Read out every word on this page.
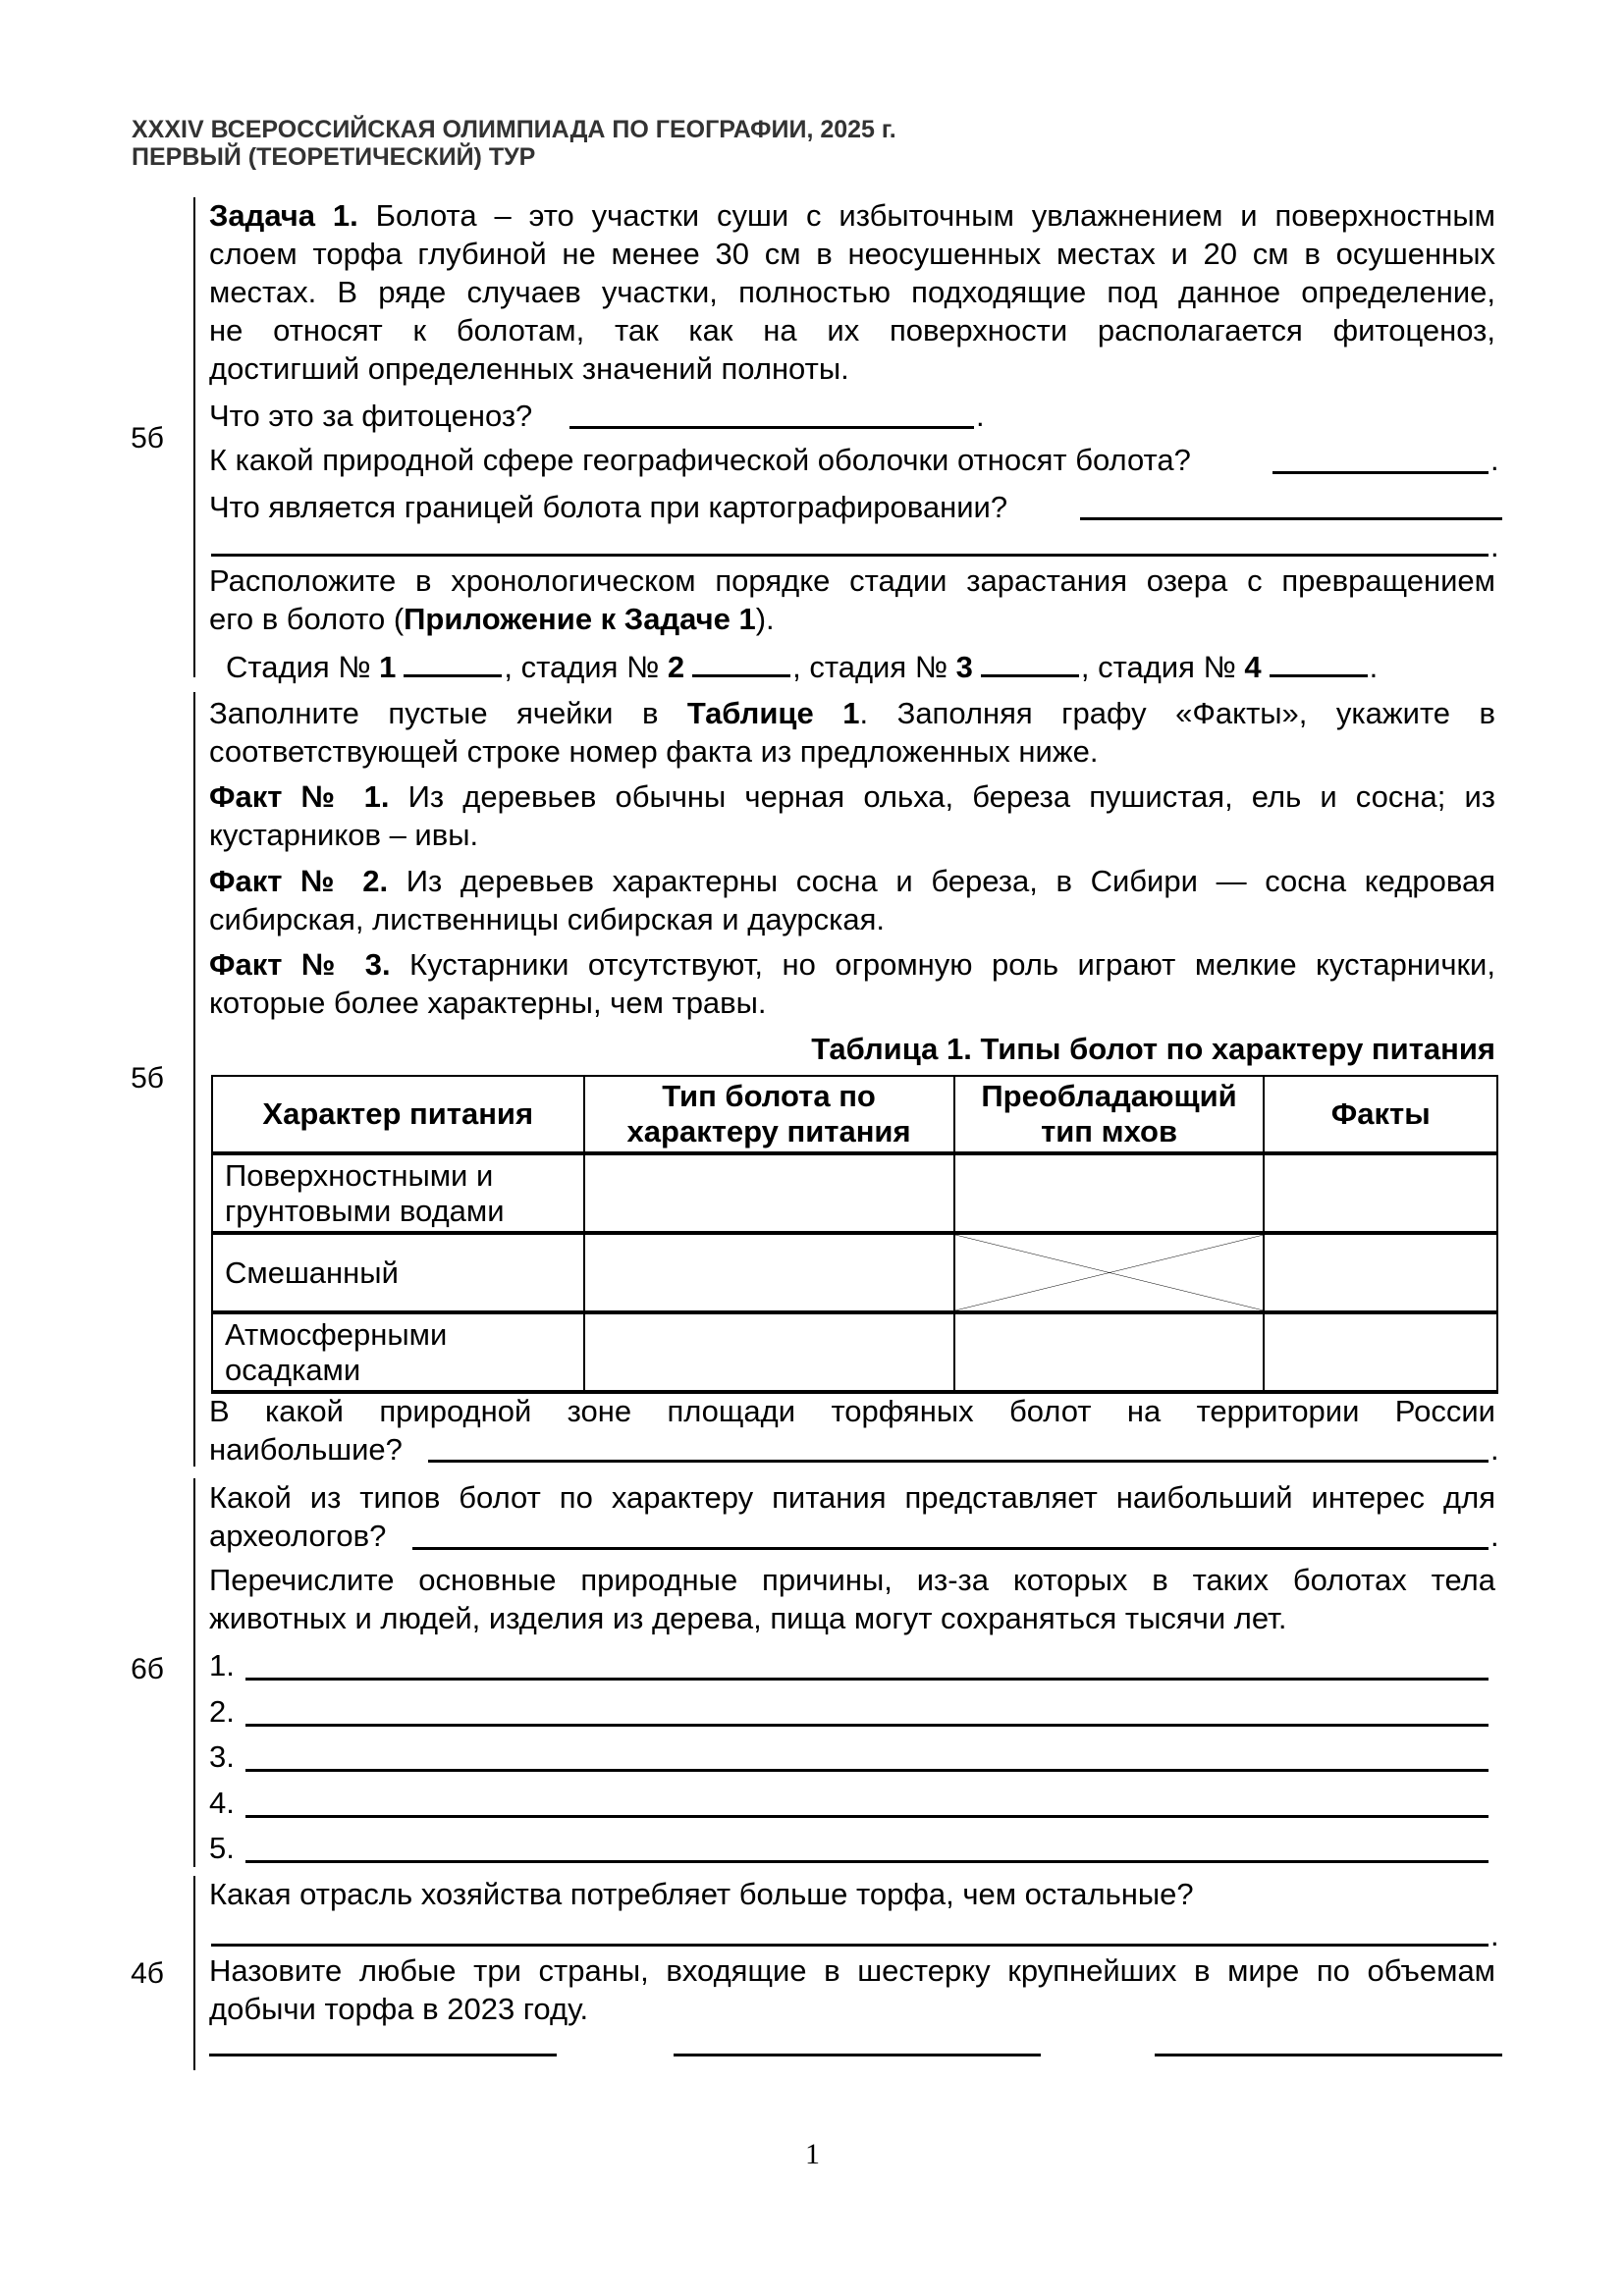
XXXIV ВСЕРОССИЙСКАЯ ОЛИМПИАДА ПО ГЕОГРАФИИ, 2025 г.
ПЕРВЫЙ (ТЕОРЕТИЧЕСКИЙ) ТУР
5б
Задача 1. Болота – это участки суши с избыточным увлажнением и поверхностным
слоем торфа глубиной не менее 30 см в неосушенных местах и 20 см в осушенных
местах. В ряде случаев участки, полностью подходящие под данное определение,
не относят к болотам, так как на их поверхности располагается фитоценоз,
достигший определенных значений полноты.
Что это за фитоценоз?	.
К какой природной сфере географической оболочки относят болота?	.
Что является границей болота при картографировании?
.
Расположите в хронологическом порядке стадии зарастания озера с превращением
его в болото (Приложение к Задаче 1).
Стадия № 1	, стадия № 2	, стадия № 3	, стадия № 4	.
5б
Заполните пустые ячейки в Таблице 1. Заполняя графу «Факты», укажите в
соответствующей строке номер факта из предложенных ниже.
Факт № 1. Из деревьев обычны черная ольха, береза пушистая, ель и сосна; из
кустарников – ивы.
Факт № 2. Из деревьев характерны сосна и береза, в Сибири — сосна кедровая
сибирская, лиственницы сибирская и даурская.
Факт № 3. Кустарники отсутствуют, но огромную роль играют мелкие кустарнички,
которые более характерны, чем травы.
Таблица 1. Типы болот по характеру питания
Характер питания	Тип болота по характеру питания	Преобладающий тип мхов	Факты
Поверхностными и грунтовыми водами			
Смешанный		

Атмосферными осадками			
В какой природной зоне площади торфяных болот на территории России
наибольшие?	.
6б
Какой из типов болот по характеру питания представляет наибольший интерес для
археологов?	.
Перечислите основные природные причины, из-за которых в таких болотах тела
животных и людей, изделия из дерева, пища могут сохраняться тысячи лет.
1.
2.
3.
4.
5.
4б
Какая отрасль хозяйства потребляет больше торфа, чем остальные?
.
Назовите любые три страны, входящие в шестерку крупнейших в мире по объемам
добычи торфа в 2023 году.
1
